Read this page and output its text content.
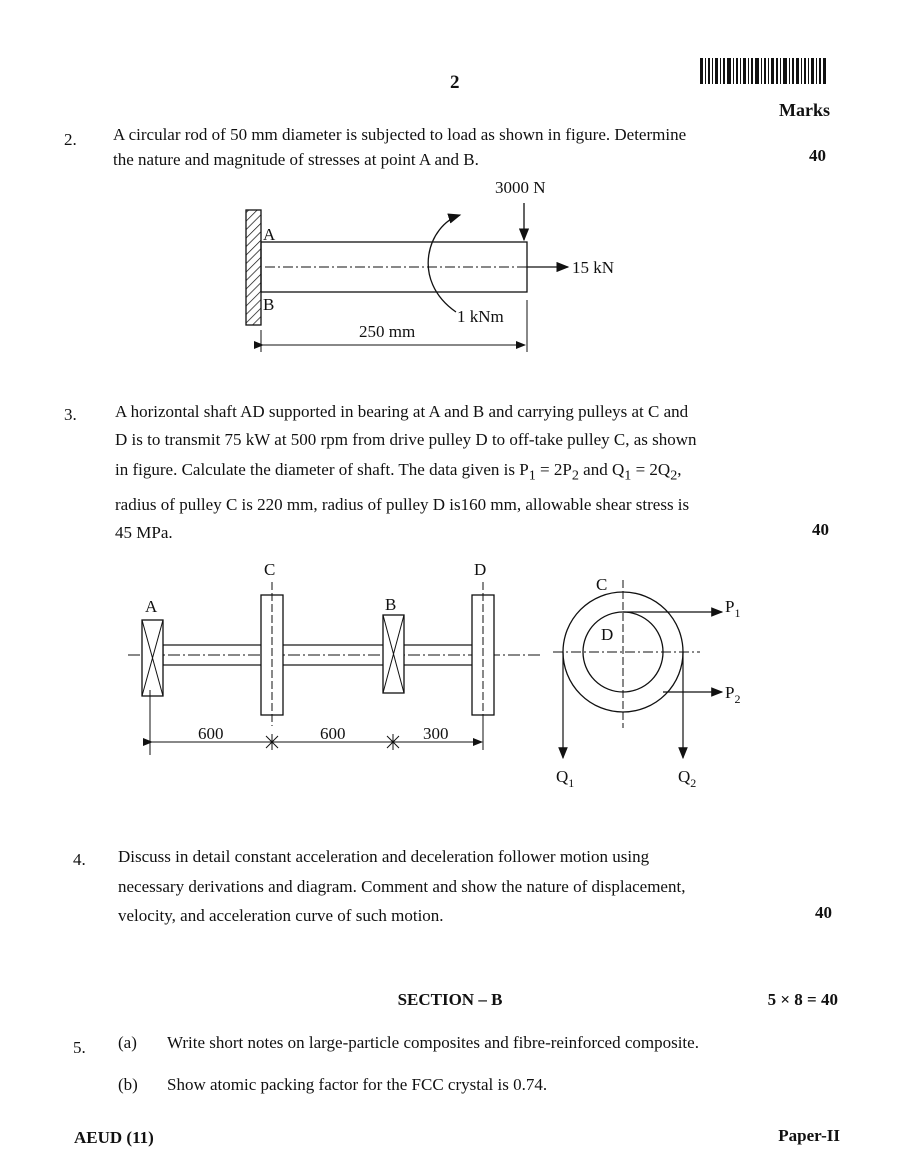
2
Marks
2. A circular rod of 50 mm diameter is subjected to load as shown in figure. Determine
the nature and magnitude of stresses at point A and B.	40
3000 N
15 kN
1 kNm
A
B
250 mm
3. A horizontal shaft AD supported in bearing at A and B and carrying pulleys at C and
D is to transmit 75 kW at 500 rpm from drive pulley D to off-take pulley C, as shown
in figure. Calculate the diameter of shaft. The data given is $P_1 = 2P_2$ and $Q_1 = 2Q_2$,
radius of pulley C is 220 mm, radius of pulley D is160 mm, allowable shear stress is
45 MPa.	40
A
C
B
D
600	600	300
C
D
$P_1$
$P_2$
$Q_1$	$Q_2$
4. Discuss in detail constant acceleration and deceleration follower motion using
necessary derivations and diagram. Comment and show the nature of displacement,
velocity, and acceleration curve of such motion.	40
SECTION – B	5 × 8 = 40
5. (a) Write short notes on large-particle composites and fibre-reinforced composite.
(b) Show atomic packing factor for the FCC crystal is 0.74.
AEUD (11)	Paper-II
